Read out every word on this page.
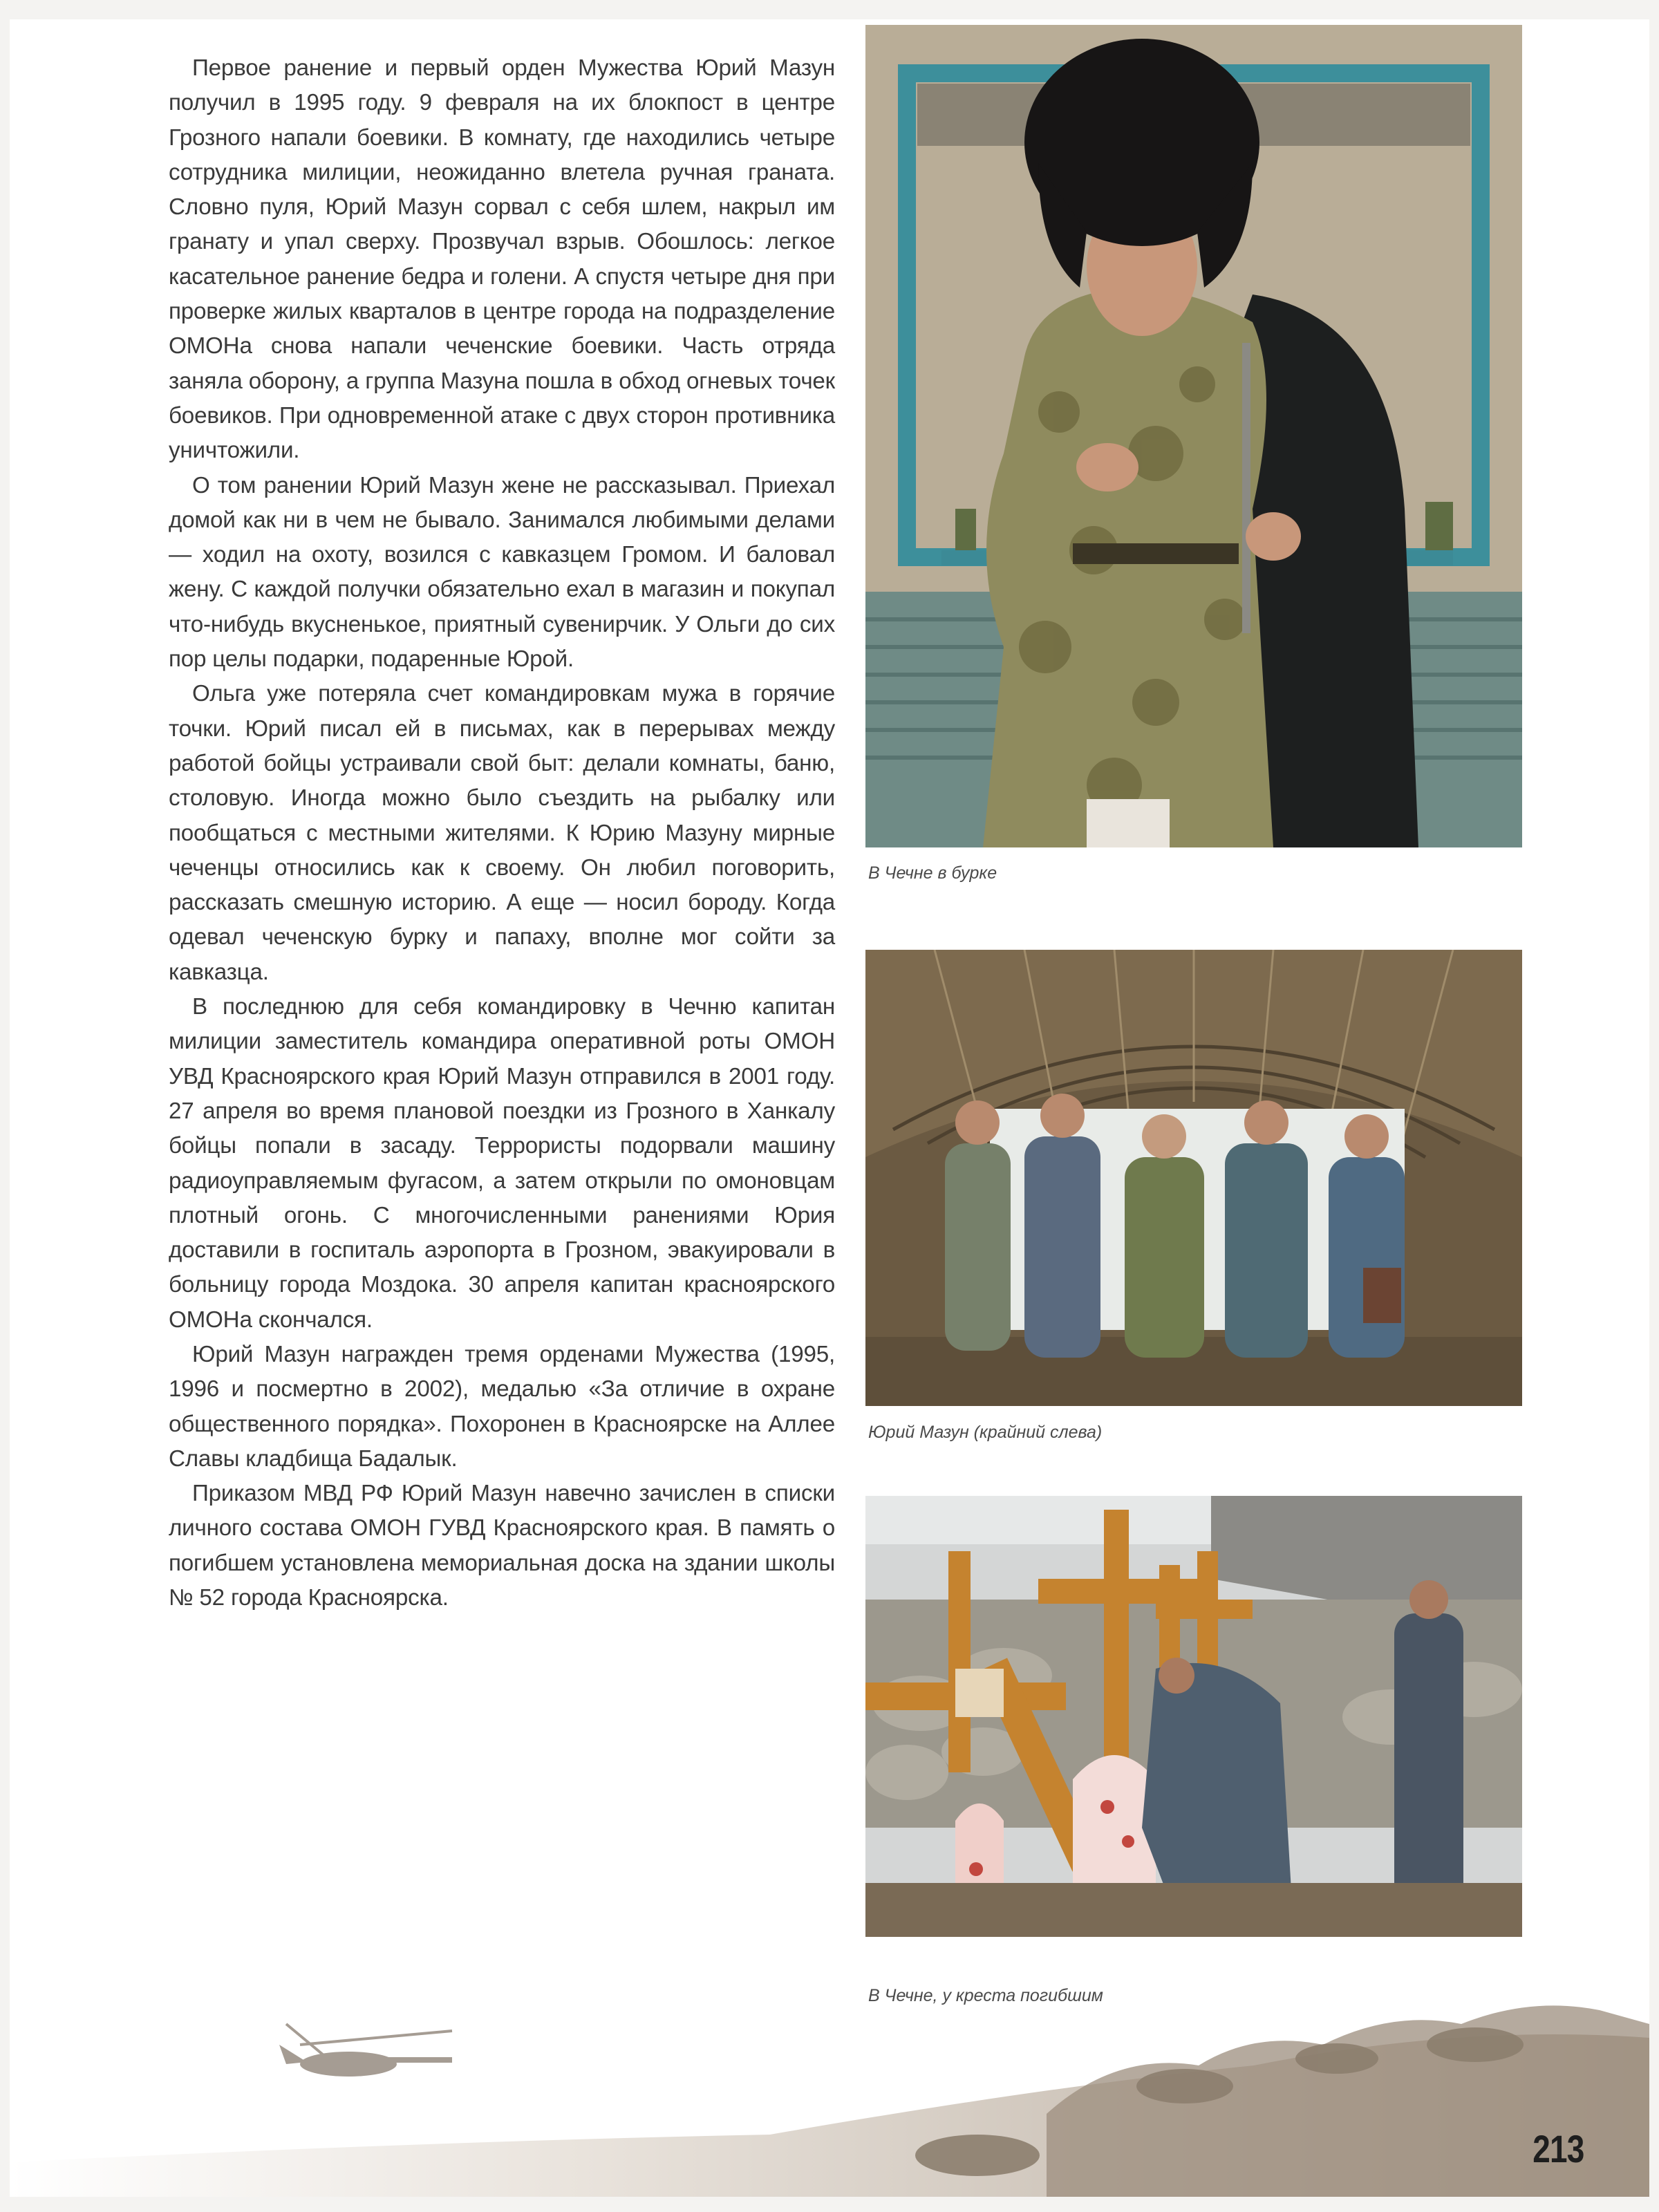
Первое ранение и первый орден Мужества Юрий Мазун получил в 1995 году. 9 февраля на их блокпост в центре Грозного напали боевики. В комнату, где находились четыре сотрудника милиции, неожиданно влетела ручная граната. Словно пуля, Юрий Мазун сорвал с себя шлем, накрыл им гранату и упал сверху. Прозвучал взрыв. Обошлось: легкое касательное ранение бедра и голени. А спустя четыре дня при проверке жилых кварталов в центре города на подразделение ОМОНа снова напали чеченские боевики. Часть отряда заняла оборону, а группа Мазуна пошла в обход огневых точек боевиков. При одновременной атаке с двух сторон противника уничтожили.

О том ранении Юрий Мазун жене не рассказывал. Приехал домой как ни в чем не бывало. Занимался любимыми делами — ходил на охоту, возился с кавказцем Громом. И баловал жену. С каждой получки обязательно ехал в магазин и покупал что-нибудь вкусненькое, приятный сувенирчик. У Ольги до сих пор целы подарки, подаренные Юрой.

Ольга уже потеряла счет командировкам мужа в горячие точки. Юрий писал ей в письмах, как в перерывах между работой бойцы устраивали свой быт: делали комнаты, баню, столовую. Иногда можно было съездить на рыбалку или пообщаться с местными жителями. К Юрию Мазуну мирные чеченцы относились как к своему. Он любил поговорить, рассказать смешную историю. А еще — носил бороду. Когда одевал чеченскую бурку и папаху, вполне мог сойти за кавказца.

В последнюю для себя командировку в Чечню капитан милиции заместитель командира оперативной роты ОМОН УВД Красноярского края Юрий Мазун отправился в 2001 году. 27 апреля во время плановой поездки из Грозного в Ханкалу бойцы попали в засаду. Террористы подорвали машину радиоуправляемым фугасом, а затем открыли по омоновцам плотный огонь. С многочисленными ранениями Юрия доставили в госпиталь аэропорта в Грозном, эвакуировали в больницу города Моздока. 30 апреля капитан красноярского ОМОНа скончался.

Юрий Мазун награжден тремя орденами Мужества (1995, 1996 и посмертно в 2002), медалью «За отличие в охране общественного порядка». Похоронен в Красноярске на Аллее Славы кладбища Бадалык.

Приказом МВД РФ Юрий Мазун навечно зачислен в списки личного состава ОМОН ГУВД Красноярского края. В память о погибшем установлена мемориальная доска на здании школы № 52 города Красноярска.

В Чечне в бурке
Юрий Мазун (крайний слева)
В Чечне, у креста погибшим
213
